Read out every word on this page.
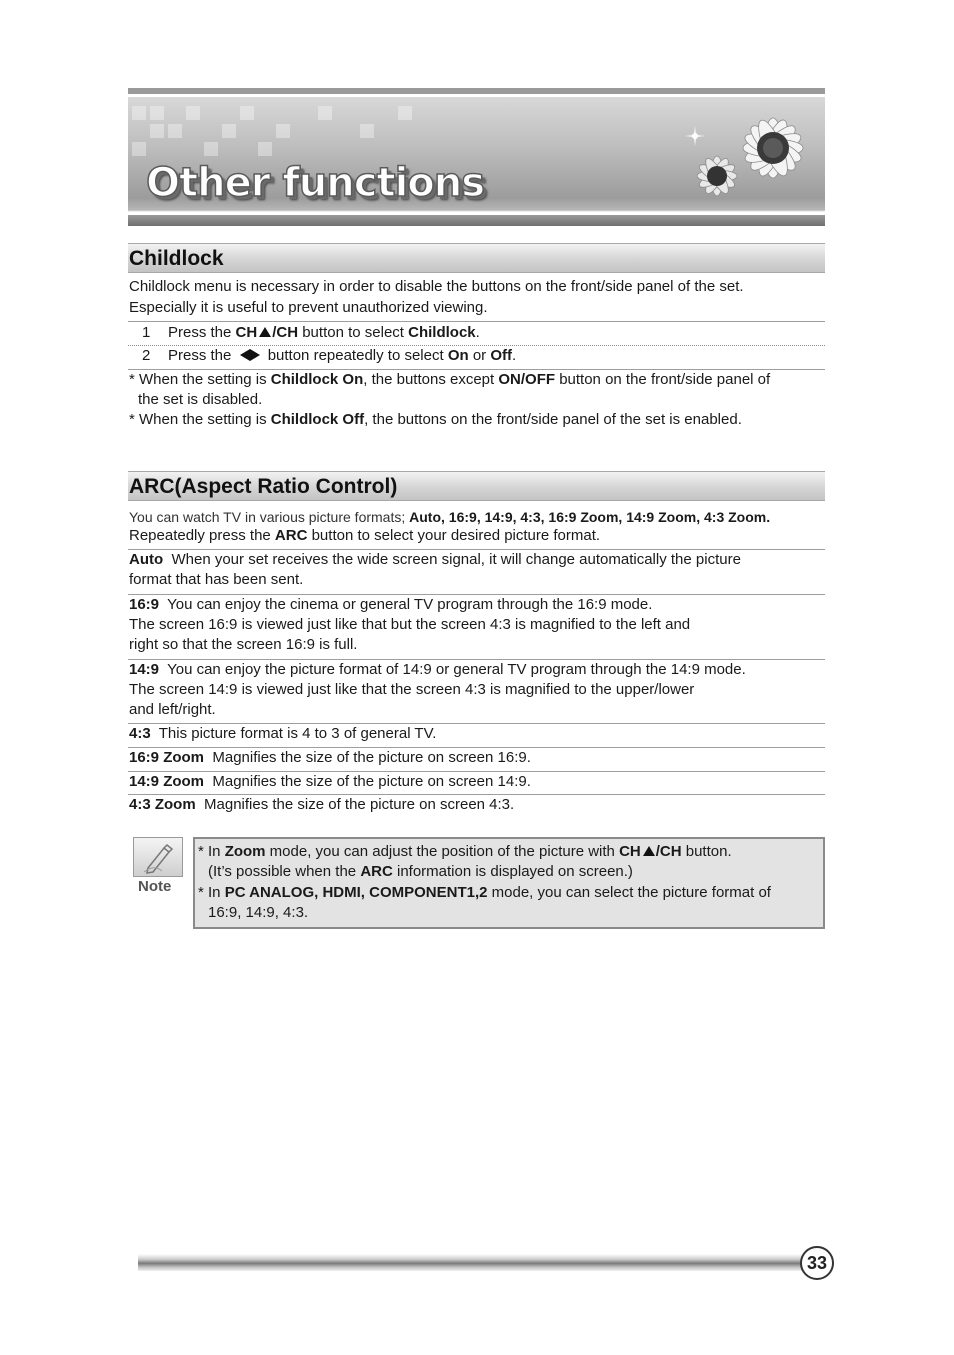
Other functions
Childlock
Childlock menu is necessary in order to disable the buttons on the front/side panel of the set.
Especially it is useful to prevent unauthorized viewing.
1 Press the CH /CH button to select Childlock.
2 Press the  button repeatedly to select On or Off.
* When the setting is Childlock On, the buttons except ON/OFF button on the front/side panel of
the set is disabled.
* When the setting is Childlock Off, the buttons on the front/side panel of the set is enabled.
ARC(Aspect Ratio Control)
You can watch TV in various picture formats; Auto, 16:9, 14:9, 4:3, 16:9 Zoom, 14:9 Zoom, 4:3 Zoom.
Repeatedly press the ARC button to select your desired picture format.
Auto  When your set receives the wide screen signal, it will change automatically the picture
format that has been sent.
16:9  You can enjoy the cinema or general TV program through the 16:9 mode.
The screen 16:9 is viewed just like that but the screen 4:3 is magnified to the left and
right so that the screen 16:9 is full.
14:9  You can enjoy the picture format of 14:9 or general TV program through the 14:9 mode.
The screen 14:9 is viewed just like that the screen 4:3 is magnified to the upper/lower
and left/right.
4:3  This picture format is 4 to 3 of general TV.
16:9 Zoom  Magnifies the size of the picture on screen 16:9.
14:9 Zoom  Magnifies the size of the picture on screen 14:9.
4:3 Zoom  Magnifies the size of the picture on screen 4:3.
Note
* In Zoom mode, you can adjust the position of the picture with CH /CH button.
(It’s possible when the ARC information is displayed on screen.)
* In PC ANALOG, HDMI, COMPONENT1,2 mode, you can select the picture format of
16:9, 14:9, 4:3.
33
